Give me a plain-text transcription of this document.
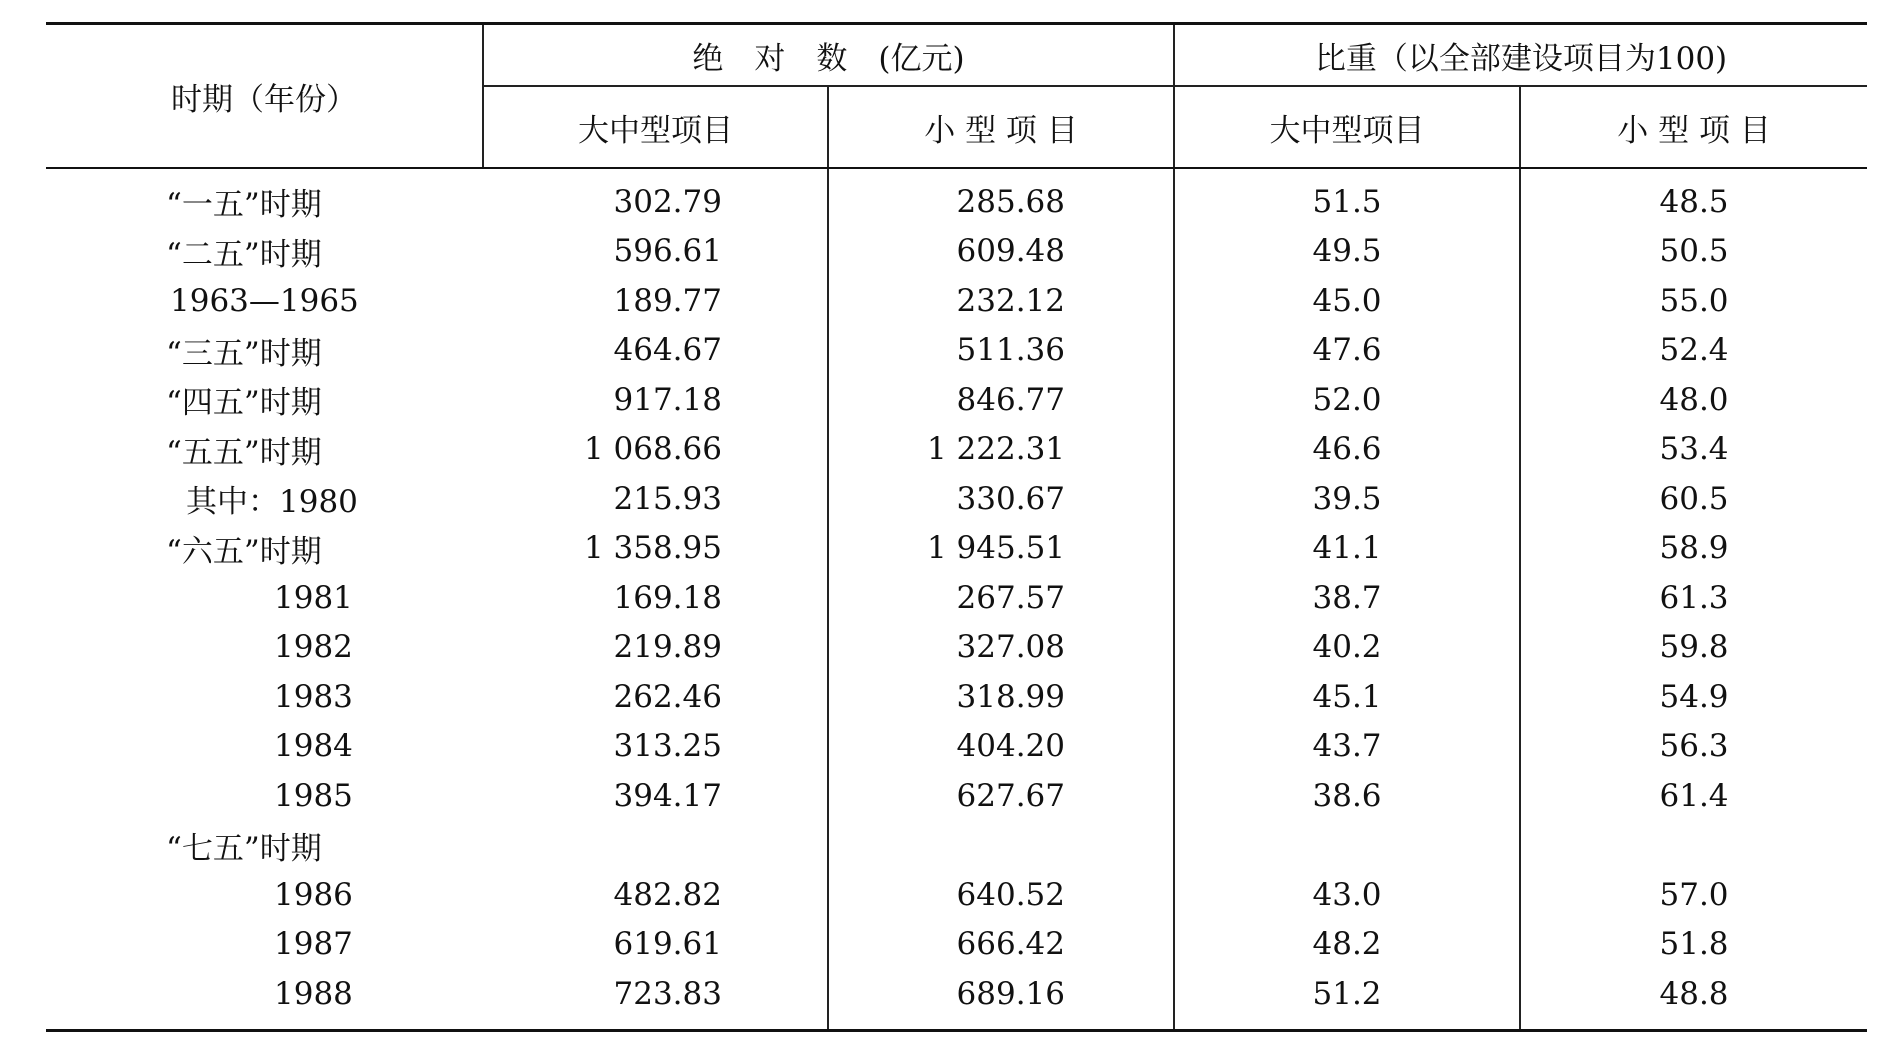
时期（年份）	绝　对　数　(亿元)		比重（以全部建设项目为100)	
	大中型项目	小 型 项 目	大中型项目	小 型 项 目
“一五”时期	302.79	285.68	51.5	48.5
“二五”时期	596.61	609.48	49.5	50.5
1963—1965	189.77	232.12	45.0	55.0
“三五”时期	464.67	511.36	47.6	52.4
“四五”时期	917.18	846.77	52.0	48.0
“五五”时期	1 068.66	1 222.31	46.6	53.4
其中：1980	215.93	330.67	39.5	60.5
“六五”时期	1 358.95	1 945.51	41.1	58.9
1981	169.18	267.57	38.7	61.3
1982	219.89	327.08	40.2	59.8
1983	262.46	318.99	45.1	54.9
1984	313.25	404.20	43.7	56.3
1985	394.17	627.67	38.6	61.4
“七五”时期				
1986	482.82	640.52	43.0	57.0
1987	619.61	666.42	48.2	51.8
1988	723.83	689.16	51.2	48.8
